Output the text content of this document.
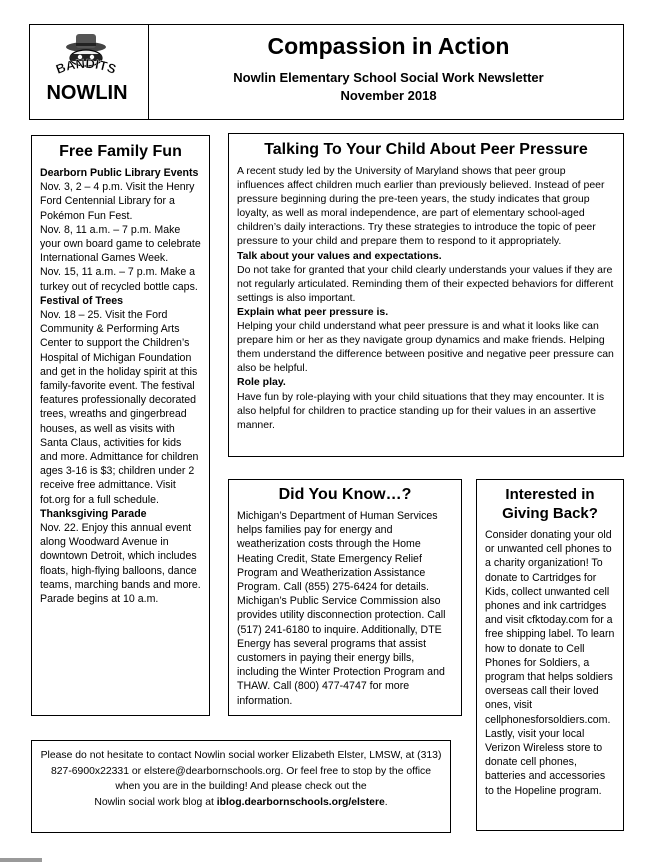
BANDITS
NOWLIN
Compassion in Action
Nowlin Elementary School Social Work Newsletter
November 2018
Free Family Fun
Dearborn Public Library Events
Nov. 3, 2 – 4 p.m. Visit the Henry Ford Centennial Library for a Pokémon Fun Fest.
Nov. 8, 11 a.m. – 7 p.m. Make your own board game to celebrate International Games Week.
Nov. 15, 11 a.m. – 7 p.m. Make a turkey out of recycled bottle caps.
Festival of Trees
Nov. 18 – 25. Visit the Ford Community & Performing Arts Center to support the Children’s Hospital of Michigan Foundation and get in the holiday spirit at this family-favorite event. The festival features professionally decorated trees, wreaths and gingerbread houses, as well as visits with Santa Claus, activities for kids and more. Admittance for children ages 3-16 is $3; children under 2 receive free admittance. Visit fot.org for a full schedule.
Thanksgiving Parade
Nov. 22. Enjoy this annual event along Woodward Avenue in downtown Detroit, which includes floats, high-flying balloons, dance teams, marching bands and more. Parade begins at 10 a.m.
Talking To Your Child About Peer Pressure
A recent study led by the University of Maryland shows that peer group influences affect children much earlier than previously believed. Instead of peer pressure beginning during the pre-teen years, the study indicates that group loyalty, as well as moral independence, are part of elementary school-aged children’s daily interactions. Try these strategies to introduce the topic of peer pressure to your child and prepare them to respond to it appropriately.
Talk about your values and expectations.
Do not take for granted that your child clearly understands your values if they are not regularly articulated. Reminding them of their expected behaviors for different settings is also important.
Explain what peer pressure is.
Helping your child understand what peer pressure is and what it looks like can prepare him or her as they navigate group dynamics and make friends. Helping them understand the difference between positive and negative peer pressure can also be helpful.
Role play.
Have fun by role-playing with your child situations that they may encounter. It is also helpful for children to practice standing up for their values in an assertive manner.
Did You Know…?
Michigan’s Department of Human Services helps families pay for energy and weatherization costs through the Home Heating Credit, State Emergency Relief Program and Weatherization Assistance Program. Call (855) 275-6424 for details. Michigan’s Public Service Commission also provides utility disconnection protection. Call (517) 241-6180 to inquire. Additionally, DTE Energy has several programs that assist customers in paying their energy bills, including the Winter Protection Program and THAW. Call (800) 477-4747 for more information.
Interested in Giving Back?
Consider donating your old or unwanted cell phones to a charity organization! To donate to Cartridges for Kids, collect unwanted cell phones and ink cartridges and visit cfktoday.com for a free shipping label. To learn how to donate to Cell Phones for Soldiers, a program that helps soldiers overseas call their loved ones, visit cellphonesforsoldiers.com. Lastly, visit your local Verizon Wireless store to donate cell phones, batteries and accessories to the Hopeline program.
Please do not hesitate to contact Nowlin social worker Elizabeth Elster, LMSW, at (313) 827-6900x22331 or elstere@dearbornschools.org. Or feel free to stop by the office when you are in the building! And please check out the
Nowlin social work blog at iblog.dearbornschools.org/elstere.
